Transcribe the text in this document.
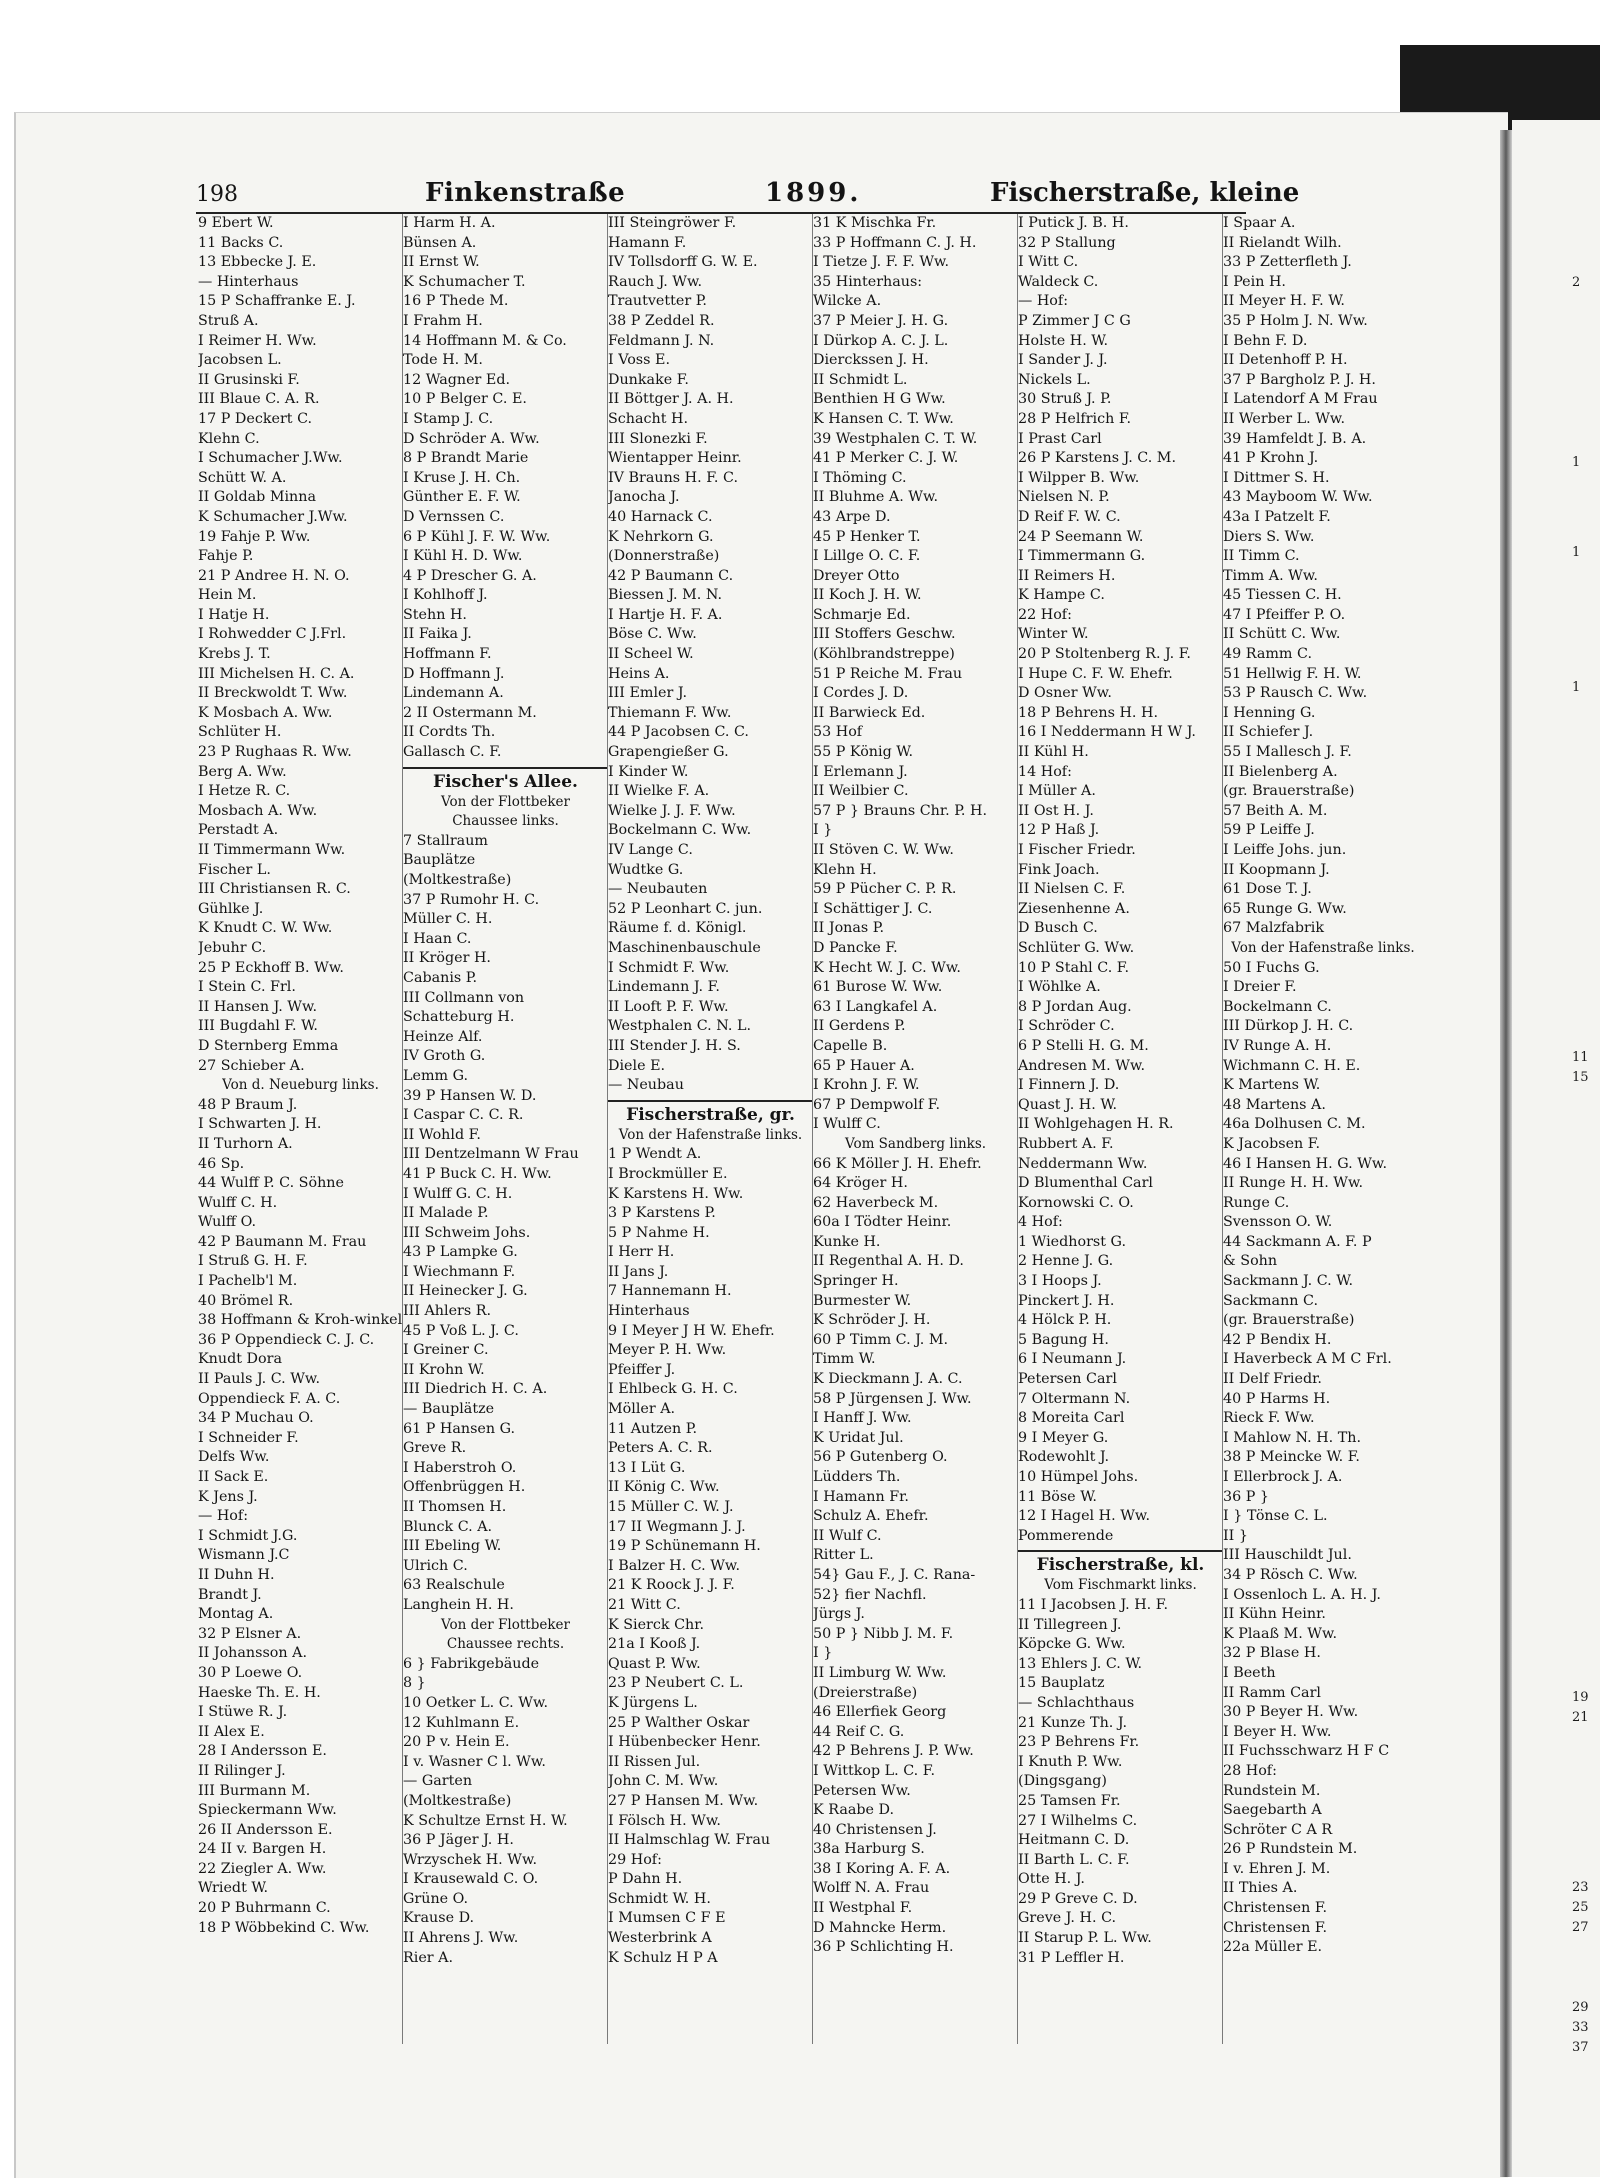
2
1
1
1
11
15
19
21
23
25
27
29
33
37
198	Finkenstraße	1899.	Fischerstraße, kleine
9 Ebert W.
11 Backs C.
13 Ebbecke J. E.
— Hinterhaus
15 P Schaffranke E. J.
Struß A.
I Reimer H. Ww.
Jacobsen L.
II Grusinski F.
III Blaue C. A. R.
17 P Deckert C.
Klehn C.
I Schumacher J.Ww.
Schütt W. A.
II Goldab Minna
K Schumacher J.Ww.
19 Fahje P. Ww.
Fahje P.
21 P Andree H. N. O.
Hein M.
I Hatje H.
I Rohwedder C J.Frl.
Krebs J. T.
III Michelsen H. C. A.
II Breckwoldt T. Ww.
K Mosbach A. Ww.
Schlüter H.
23 P Rughaas R. Ww.
Berg A. Ww.
I Hetze R. C.
Mosbach A. Ww.
Perstadt A.
II Timmermann Ww.
Fischer L.
III Christiansen R. C.
Gühlke J.
K Knudt C. W. Ww.
Jebuhr C.
25 P Eckhoff B. Ww.
I Stein C. Frl.
II Hansen J. Ww.
III Bugdahl F. W.
D Sternberg Emma
27 Schieber A.
Von d. Neueburg links.
48 P Braum J.
I Schwarten J. H.
II Turhorn A.
46 Sp.
44 Wulff P. C. Söhne
Wulff C. H.
Wulff O.
42 P Baumann M. Frau
I Struß G. H. F.
I Pachelb'l M.
40 Brömel R.
38 Hoffmann & Kroh-winkel
36 P Oppendieck C. J. C.
Knudt Dora
II Pauls J. C. Ww.
Oppendieck F. A. C.
34 P Muchau O.
I Schneider F.
Delfs Ww.
II Sack E.
K Jens J.
— Hof:
I Schmidt J.G.
Wismann J.C
II Duhn H.
Brandt J.
Montag A.
32 P Elsner A.
II Johansson A.
30 P Loewe O.
Haeske Th. E. H.
I Stüwe R. J.
II Alex E.
28 I Andersson E.
II Rilinger J.
III Burmann M.
Spieckermann Ww.
26 II Andersson E.
24 II v. Bargen H.
22 Ziegler A. Ww.
Wriedt W.
20 P Buhrmann C.
18 P Wöbbekind C. Ww.
I Harm H. A.
Bünsen A.
II Ernst W.
K Schumacher T.
16 P Thede M.
I Frahm H.
14 Hoffmann M. & Co.
Tode H. M.
12 Wagner Ed.
10 P Belger C. E.
I Stamp J. C.
D Schröder A. Ww.
8 P Brandt Marie
I Kruse J. H. Ch.
Günther E. F. W.
D Vernssen C.
6 P Kühl J. F. W. Ww.
I Kühl H. D. Ww.
4 P Drescher G. A.
I Kohlhoff J.
Stehn H.
II Faika J.
Hoffmann F.
D Hoffmann J.
Lindemann A.
2 II Ostermann M.
II Cordts Th.
Gallasch C. F.
Fischer's Allee.
Von der Flottbeker
Chaussee links.
7 Stallraum
Bauplätze
(Moltkestraße)
37 P Rumohr H. C.
Müller C. H.
I Haan C.
II Kröger H.
Cabanis P.
III Collmann von
Schatteburg H.
Heinze Alf.
IV Groth G.
Lemm G.
39 P Hansen W. D.
I Caspar C. C. R.
II Wohld F.
III Dentzelmann W Frau
41 P Buck C. H. Ww.
I Wulff G. C. H.
II Malade P.
III Schweim Johs.
43 P Lampke G.
I Wiechmann F.
II Heinecker J. G.
III Ahlers R.
45 P Voß L. J. C.
I Greiner C.
II Krohn W.
III Diedrich H. C. A.
— Bauplätze
61 P Hansen G.
Greve R.
I Haberstroh O.
Offenbrüggen H.
II Thomsen H.
Blunck C. A.
III Ebeling W.
Ulrich C.
63 Realschule
Langhein H. H.
Von der Flottbeker
Chaussee rechts.
6 } Fabrikgebäude
8 }
10 Oetker L. C. Ww.
12 Kuhlmann E.
20 P v. Hein E.
I v. Wasner C l. Ww.
— Garten
(Moltkestraße)
K Schultze Ernst H. W.
36 P Jäger J. H.
Wrzyschek H. Ww.
I Krausewald C. O.
Grüne O.
Krause D.
II Ahrens J. Ww.
Rier A.
III Steingröwer F.
Hamann F.
IV Tollsdorff G. W. E.
Rauch J. Ww.
Trautvetter P.
38 P Zeddel R.
Feldmann J. N.
I Voss E.
Dunkake F.
II Böttger J. A. H.
Schacht H.
III Slonezki F.
Wientapper Heinr.
IV Brauns H. F. C.
Janocha J.
40 Harnack C.
K Nehrkorn G.
(Donnerstraße)
42 P Baumann C.
Biessen J. M. N.
I Hartje H. F. A.
Böse C. Ww.
II Scheel W.
Heins A.
III Emler J.
Thiemann F. Ww.
44 P Jacobsen C. C.
Grapengießer G.
I Kinder W.
II Wielke F. A.
Wielke J. J. F. Ww.
Bockelmann C. Ww.
IV Lange C.
Wudtke G.
— Neubauten
52 P Leonhart C. jun.
Räume f. d. Königl.
Maschinenbauschule
I Schmidt F. Ww.
Lindemann J. F.
II Looft P. F. Ww.
Westphalen C. N. L.
III Stender J. H. S.
Diele E.
— Neubau
Fischerstraße, gr.
Von der Hafenstraße links.
1 P Wendt A.
I Brockmüller E.
K Karstens H. Ww.
3 P Karstens P.
5 P Nahme H.
I Herr H.
II Jans J.
7 Hannemann H.
Hinterhaus
9 I Meyer J H W. Ehefr.
Meyer P. H. Ww.
Pfeiffer J.
I Ehlbeck G. H. C.
Möller A.
11 Autzen P.
Peters A. C. R.
13 I Lüt G.
II König C. Ww.
15 Müller C. W. J.
17 II Wegmann J. J.
19 P Schünemann H.
I Balzer H. C. Ww.
21 K Roock J. J. F.
21 Witt C.
K Sierck Chr.
21a I Kooß J.
Quast P. Ww.
23 P Neubert C. L.
K Jürgens L.
25 P Walther Oskar
I Hübenbecker Henr.
II Rissen Jul.
John C. M. Ww.
27 P Hansen M. Ww.
I Fölsch H. Ww.
II Halmschlag W. Frau
29 Hof:
P Dahn H.
Schmidt W. H.
I Mumsen C F E
Westerbrink A
K Schulz H P A
31 K Mischka Fr.
33 P Hoffmann C. J. H.
I Tietze J. F. F. Ww.
35 Hinterhaus:
Wilcke A.
37 P Meier J. H. G.
I Dürkop A. C. J. L.
Dierckssen J. H.
II Schmidt L.
Benthien H G Ww.
K Hansen C. T. Ww.
39 Westphalen C. T. W.
41 P Merker C. J. W.
I Thöming C.
II Bluhme A. Ww.
43 Arpe D.
45 P Henker T.
I Lillge O. C. F.
Dreyer Otto
II Koch J. H. W.
Schmarje Ed.
III Stoffers Geschw.
(Köhlbrandstreppe)
51 P Reiche M. Frau
I Cordes J. D.
II Barwieck Ed.
53 Hof
55 P König W.
I Erlemann J.
II Weilbier C.
57 P } Brauns Chr. P. H.
I }
II Stöven C. W. Ww.
Klehn H.
59 P Pücher C. P. R.
I Schättiger J. C.
II Jonas P.
D Pancke F.
K Hecht W. J. C. Ww.
61 Burose W. Ww.
63 I Langkafel A.
II Gerdens P.
Capelle B.
65 P Hauer A.
I Krohn J. F. W.
67 P Dempwolf F.
I Wulff C.
Vom Sandberg links.
66 K Möller J. H. Ehefr.
64 Kröger H.
62 Haverbeck M.
60a I Tödter Heinr.
Kunke H.
II Regenthal A. H. D.
Springer H.
Burmester W.
K Schröder J. H.
60 P Timm C. J. M.
Timm W.
K Dieckmann J. A. C.
58 P Jürgensen J. Ww.
I Hanff J. Ww.
K Uridat Jul.
56 P Gutenberg O.
Lüdders Th.
I Hamann Fr.
Schulz A. Ehefr.
II Wulf C.
Ritter L.
54} Gau F., J. C. Rana-
52} fier Nachfl.
Jürgs J.
50 P } Nibb J. M. F.
I }
II Limburg W. Ww.
(Dreierstraße)
46 Ellerfiek Georg
44 Reif C. G.
42 P Behrens J. P. Ww.
I Wittkop L. C. F.
Petersen Ww.
K Raabe D.
40 Christensen J.
38a Harburg S.
38 I Koring A. F. A.
Wolff N. A. Frau
II Westphal F.
D Mahncke Herm.
36 P Schlichting H.
I Putick J. B. H.
32 P Stallung
I Witt C.
Waldeck C.
— Hof:
P Zimmer J C G
Holste H. W.
I Sander J. J.
Nickels L.
30 Struß J. P.
28 P Helfrich F.
I Prast Carl
26 P Karstens J. C. M.
I Wilpper B. Ww.
Nielsen N. P.
D Reif F. W. C.
24 P Seemann W.
I Timmermann G.
II Reimers H.
K Hampe C.
22 Hof:
Winter W.
20 P Stoltenberg R. J. F.
I Hupe C. F. W. Ehefr.
D Osner Ww.
18 P Behrens H. H.
16 I Neddermann H W J.
II Kühl H.
14 Hof:
I Müller A.
II Ost H. J.
12 P Haß J.
I Fischer Friedr.
Fink Joach.
II Nielsen C. F.
Ziesenhenne A.
D Busch C.
Schlüter G. Ww.
10 P Stahl C. F.
I Wöhlke A.
8 P Jordan Aug.
I Schröder C.
6 P Stelli H. G. M.
Andresen M. Ww.
I Finnern J. D.
Quast J. H. W.
II Wohlgehagen H. R.
Rubbert A. F.
Neddermann Ww.
D Blumenthal Carl
Kornowski C. O.
4 Hof:
1 Wiedhorst G.
2 Henne J. G.
3 I Hoops J.
Pinckert J. H.
4 Hölck P. H.
5 Bagung H.
6 I Neumann J.
Petersen Carl
7 Oltermann N.
8 Moreita Carl
9 I Meyer G.
Rodewohlt J.
10 Hümpel Johs.
11 Böse W.
12 I Hagel H. Ww.
Pommerende
Fischerstraße, kl.
Vom Fischmarkt links.
11 I Jacobsen J. H. F.
II Tillegreen J.
Köpcke G. Ww.
13 Ehlers J. C. W.
15 Bauplatz
— Schlachthaus
21 Kunze Th. J.
23 P Behrens Fr.
I Knuth P. Ww.
(Dingsgang)
25 Tamsen Fr.
27 I Wilhelms C.
Heitmann C. D.
II Barth L. C. F.
Otte H. J.
29 P Greve C. D.
Greve J. H. C.
II Starup P. L. Ww.
31 P Leffler H.
I Spaar A.
II Rielandt Wilh.
33 P Zetterfleth J.
I Pein H.
II Meyer H. F. W.
35 P Holm J. N. Ww.
I Behn F. D.
II Detenhoff P. H.
37 P Bargholz P. J. H.
I Latendorf A M Frau
II Werber L. Ww.
39 Hamfeldt J. B. A.
41 P Krohn J.
I Dittmer S. H.
43 Mayboom W. Ww.
43a I Patzelt F.
Diers S. Ww.
II Timm C.
Timm A. Ww.
45 Tiessen C. H.
47 I Pfeiffer P. O.
II Schütt C. Ww.
49 Ramm C.
51 Hellwig F. H. W.
53 P Rausch C. Ww.
I Henning G.
II Schiefer J.
55 I Mallesch J. F.
II Bielenberg A.
(gr. Brauerstraße)
57 Beith A. M.
59 P Leiffe J.
I Leiffe Johs. jun.
II Koopmann J.
61 Dose T. J.
65 Runge G. Ww.
67 Malzfabrik
Von der Hafenstraße links.
50 I Fuchs G.
I Dreier F.
Bockelmann C.
III Dürkop J. H. C.
IV Runge A. H.
Wichmann C. H. E.
K Martens W.
48 Martens A.
46a Dolhusen C. M.
K Jacobsen F.
46 I Hansen H. G. Ww.
II Runge H. H. Ww.
Runge C.
Svensson O. W.
44 Sackmann A. F. P
& Sohn
Sackmann J. C. W.
Sackmann C.
(gr. Brauerstraße)
42 P Bendix H.
I Haverbeck A M C Frl.
II Delf Friedr.
40 P Harms H.
Rieck F. Ww.
I Mahlow N. H. Th.
38 P Meincke W. F.
I Ellerbrock J. A.
36 P }
I } Tönse C. L.
II }
III Hauschildt Jul.
34 P Rösch C. Ww.
I Ossenloch L. A. H. J.
II Kühn Heinr.
K Plaaß M. Ww.
32 P Blase H.
I Beeth
II Ramm Carl
30 P Beyer H. Ww.
I Beyer H. Ww.
II Fuchsschwarz H F C
28 Hof:
Rundstein M.
Saegebarth A
Schröter C A R
26 P Rundstein M.
I v. Ehren J. M.
II Thies A.
Christensen F.
Christensen F.
22a Müller E.
